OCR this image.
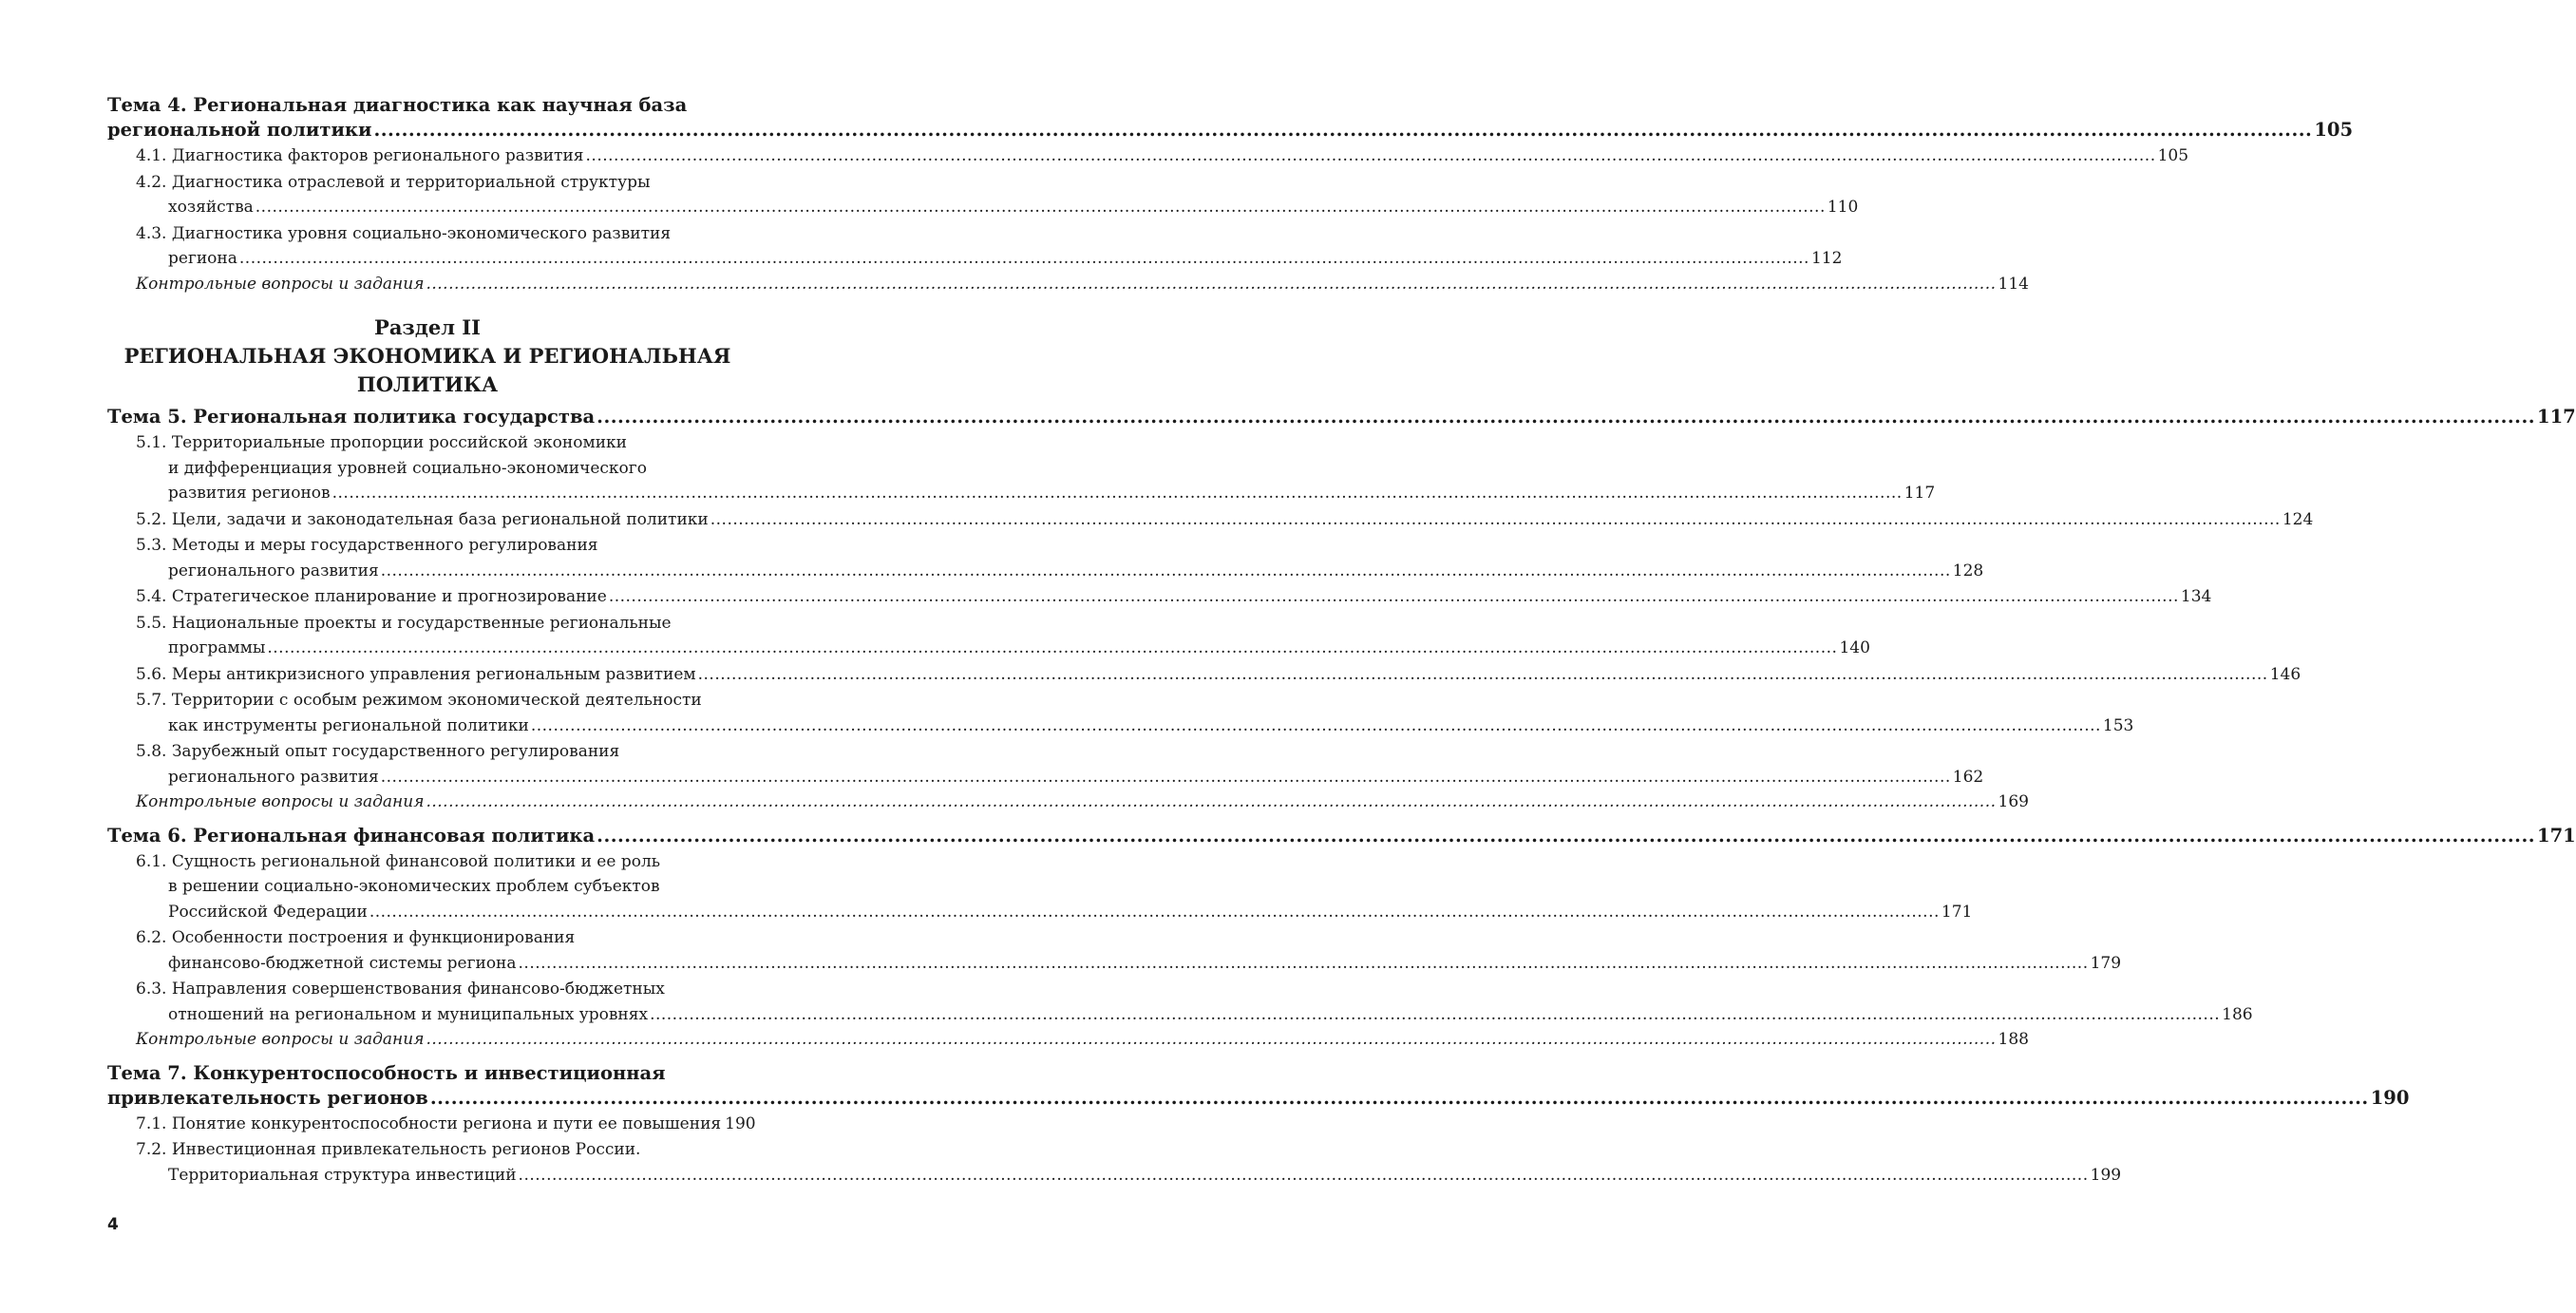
Тема 4. Региональная диагностика как научная база
региональной политики .....	105
4.1. Диагностика факторов регионального развития .....	105
4.2. Диагностика отраслевой и территориальной структуры
хозяйства .....	110
4.3. Диагностика уровня социально-экономического развития
региона .....	112
Контрольные вопросы и задания .....	114
Раздел II
РЕГИОНАЛЬНАЯ ЭКОНОМИКА И РЕГИОНАЛЬНАЯ
ПОЛИТИКА
Тема 5. Региональная политика государства .....	117
5.1. Территориальные пропорции российской экономики
и дифференциация уровней социально-экономического
развития регионов .....	117
5.2. Цели, задачи и законодательная база региональной политики .....	124
5.3. Методы и меры государственного регулирования
регионального развития .....	128
5.4. Стратегическое планирование и прогнозирование .....	134
5.5. Национальные проекты и государственные региональные
программы .....	140
5.6. Меры антикризисного управления региональным развитием .....	146
5.7. Территории с особым режимом экономической деятельности
как инструменты региональной политики .....	153
5.8. Зарубежный опыт государственного регулирования
регионального развития .....	162
Контрольные вопросы и задания .....	169
Тема 6. Региональная финансовая политика .....	171
6.1. Сущность региональной финансовой политики и ее роль
в решении социально-экономических проблем субъектов
Российской Федерации .....	171
6.2. Особенности построения и функционирования
финансово-бюджетной системы региона .....	179
6.3. Направления совершенствования финансово-бюджетных
отношений на региональном и муниципальных уровнях .....	186
Контрольные вопросы и задания .....	188
Тема 7. Конкурентоспособность и инвестиционная
привлекательность регионов .....	190
7.1. Понятие конкурентоспособности региона и пути ее повышения 190
7.2. Инвестиционная привлекательность регионов России.
Территориальная структура инвестиций .....	199
4
